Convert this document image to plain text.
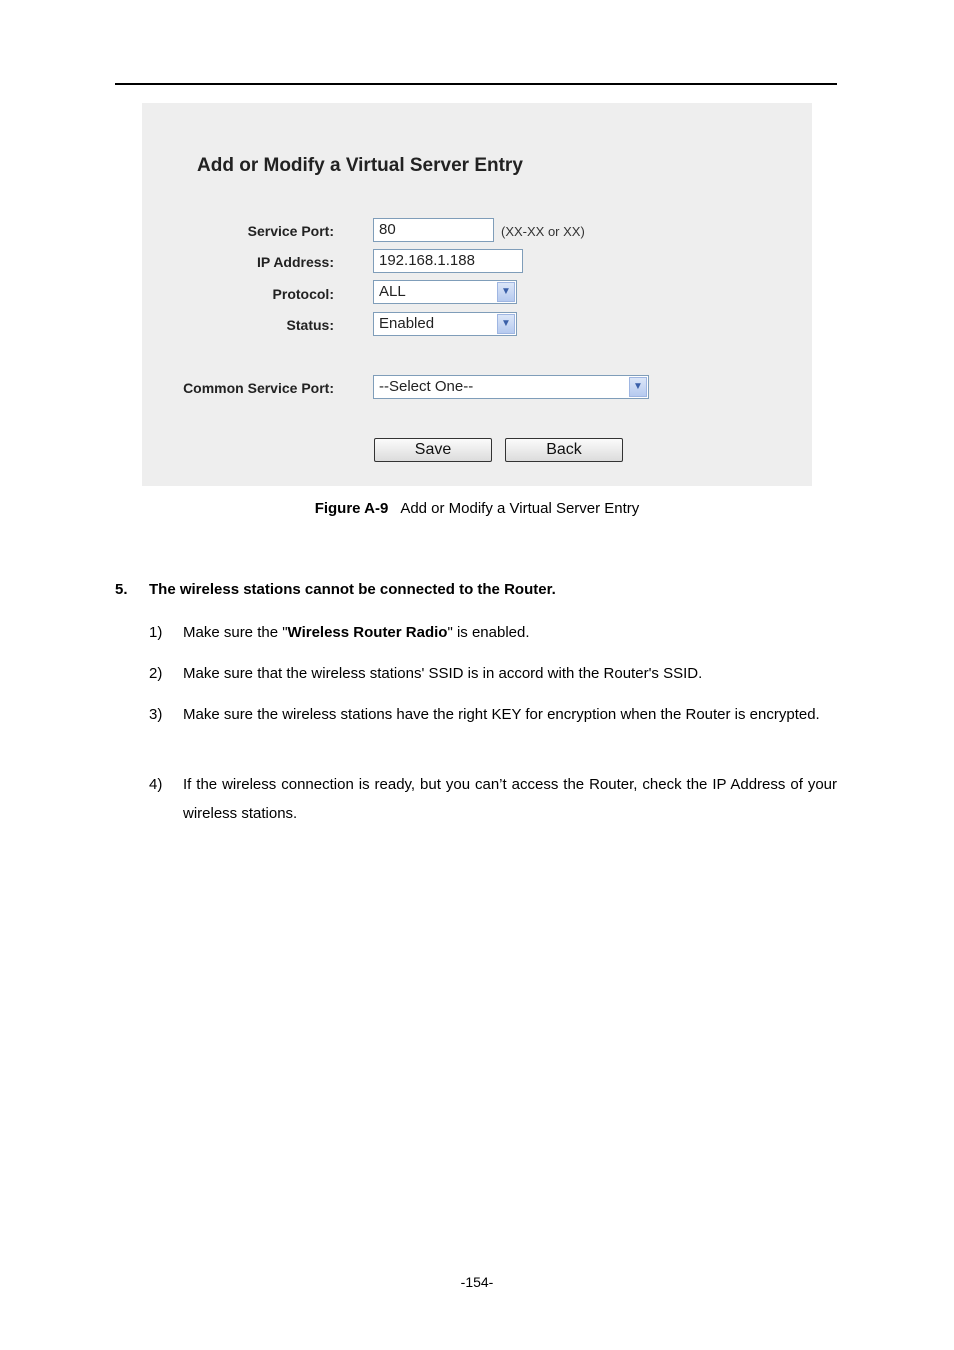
Add or Modify a Virtual Server Entry
Service Port:	80	(XX-XX or XX)
IP Address:	192.168.1.188
Protocol:	ALL	▼
Status:	Enabled	▼
Common Service Port:	--Select One--	▼
Save	Back
Figure A-9 Add or Modify a Virtual Server Entry
5. The wireless stations cannot be connected to the Router.
1) Make sure the "Wireless Router Radio" is enabled.
2) Make sure that the wireless stations' SSID is in accord with the Router's SSID.
3) Make sure the wireless stations have the right KEY for encryption when the Router is encrypted.
4) If the wireless connection is ready, but you can’t access the Router, check the IP Address of your wireless stations.
-154-
